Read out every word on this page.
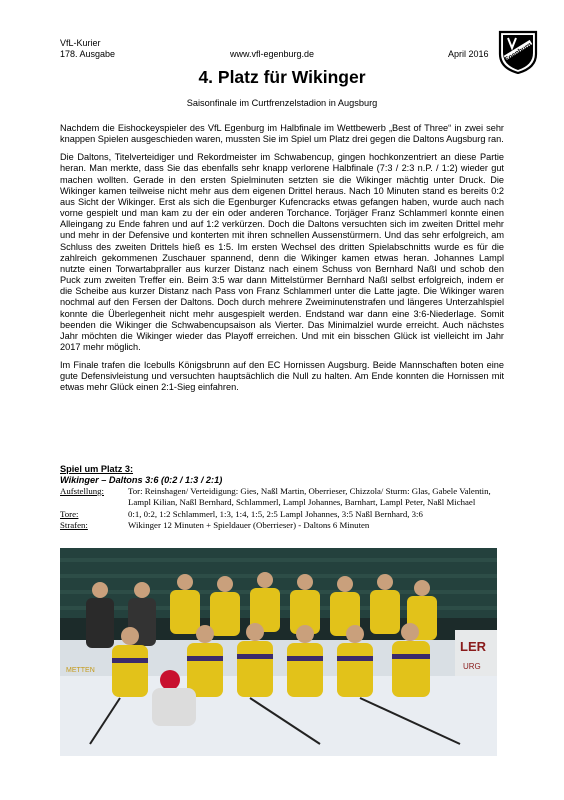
VfL-Kurier
178. Ausgabe	www.vfl-egenburg.de	April 2016 Egenburg
4. Platz für Wikinger
Saisonfinale im Curtfrenzelstadion in Augsburg

Nachdem die Eishockeyspieler des VfL Egenburg im Halbfinale im Wettbewerb „Best of Three“ in zwei sehr knappen Spielen ausgeschieden waren, mussten Sie im Spiel um Platz drei gegen die Daltons Augsburg ran.

Die Daltons, Titelverteidiger und Rekordmeister im Schwabencup, gingen hochkonzentriert an diese Partie heran. Man merkte, dass Sie das ebenfalls sehr knapp verlorene Halbfinale (7:3 / 2:3 n.P. / 1:2) wieder gut machen wollten. Gerade in den ersten Spielminuten setzten sie die Wikinger mächtig unter Druck. Die Wikinger kamen teilweise nicht mehr aus dem eigenen Drittel heraus. Nach 10 Minuten stand es bereits 0:2 aus Sicht der Wikinger. Erst als sich die Egenburger Kufencracks etwas gefangen haben, wurde auch nach vorne gespielt und man kam zu der ein oder anderen Torchance. Torjäger Franz Schlammerl konnte einen Alleingang zu Ende fahren und auf 1:2 verkürzen. Doch die Daltons versuchten sich im zweiten Drittel mehr und mehr in der Defensive und konterten mit ihren schnellen Aussenstürmern. Und das sehr erfolgreich, am Schluss des zweiten Drittels hieß es 1:5. Im ersten Wechsel des dritten Spielabschnitts wurde es für die zahlreich gekommenen Zuschauer spannend, denn die Wikinger kamen etwas heran. Johannes Lampl nutzte einen Torwartabpraller aus kurzer Distanz nach einem Schuss von Bernhard Naßl und schob den Puck zum zweiten Treffer ein. Beim 3:5 war dann Mittelstürmer Bernhard Naßl selbst erfolgreich, indem er die Scheibe aus kurzer Distanz nach Pass von Franz Schlammerl unter die Latte jagte. Die Wikinger waren nochmal auf den Fersen der Daltons. Doch durch mehrere Zweiminutenstrafen und längeres Unterzahlspiel konnte die Überlegenheit nicht mehr ausgespielt werden. Endstand war dann eine 3:6-Niederlage. Somit beenden die Wikinger die Schwabencupsaison als Vierter. Das Minimalziel wurde erreicht. Auch nächstes Jahr möchten die Wikinger wieder das Playoff erreichen. Und mit ein bisschen Glück ist vielleicht im Jahr 2017 mehr möglich.

Im Finale trafen die Icebulls Königsbrunn auf den EC Hornissen Augsburg. Beide Mannschaften boten eine gute Defensivleistung und versuchten hauptsächlich die Null zu halten. Am Ende konnten die Hornissen mit etwas mehr Glück einen 2:1-Sieg einfahren.

Spiel um Platz 3:
Wikinger – Daltons 3:6 (0:2 / 1:3 / 2:1)
Aufstellung:	Tor: Reinshagen/ Verteidigung: Gies, Naßl Martin, Oberrieser, Chizzola/ Sturm: Glas, Gabele Valentin, Lampl Kilian, Naßl Bernhard, Schlammerl, Lampl Johannes, Barnhart, Lampl Peter, Naßl Michael
Tore:	0:1, 0:2, 1:2 Schlammerl, 1:3, 1:4, 1:5, 2:5 Lampl Johannes, 3:5 Naßl Bernhard, 3:6
Strafen:	Wikinger 12 Minuten + Spieldauer (Oberrieser) - Daltons 6 Minuten
LER
URG
METTEN
